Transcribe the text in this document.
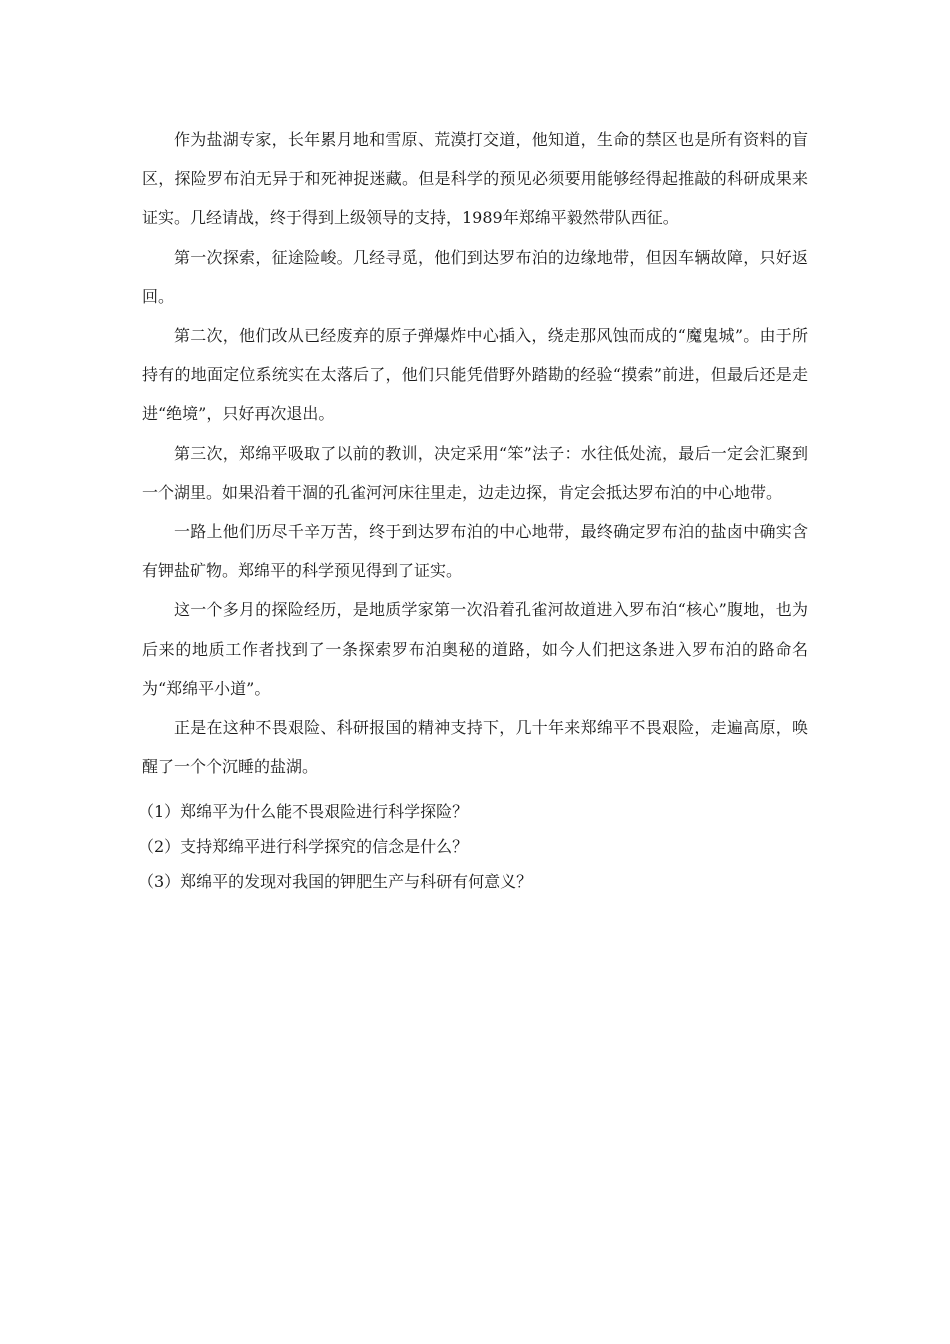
作为盐湖专家，长年累月地和雪原、荒漠打交道，他知道，生命的禁区也是所有资料的盲区，探险罗布泊无异于和死神捉迷藏。但是科学的预见必须要用能够经得起推敲的科研成果来证实。几经请战，终于得到上级领导的支持，1989年郑绵平毅然带队西征。

第一次探索，征途险峻。几经寻觅，他们到达罗布泊的边缘地带，但因车辆故障，只好返回。

第二次，他们改从已经废弃的原子弹爆炸中心插入，绕走那风蚀而成的“魔鬼城”。由于所持有的地面定位系统实在太落后了，他们只能凭借野外踏勘的经验“摸索”前进，但最后还是走进“绝境”，只好再次退出。

第三次，郑绵平吸取了以前的教训，决定采用“笨”法子：水往低处流，最后一定会汇聚到一个湖里。如果沿着干涸的孔雀河河床往里走，边走边探，肯定会抵达罗布泊的中心地带。

一路上他们历尽千辛万苦，终于到达罗布泊的中心地带，最终确定罗布泊的盐卤中确实含有钾盐矿物。郑绵平的科学预见得到了证实。

这一个多月的探险经历，是地质学家第一次沿着孔雀河故道进入罗布泊“核心”腹地，也为后来的地质工作者找到了一条探索罗布泊奥秘的道路，如今人们把这条进入罗布泊的路命名为“郑绵平小道”。

正是在这种不畏艰险、科研报国的精神支持下，几十年来郑绵平不畏艰险，走遍高原，唤醒了一个个沉睡的盐湖。

（1）郑绵平为什么能不畏艰险进行科学探险？

（2）支持郑绵平进行科学探究的信念是什么？

（3）郑绵平的发现对我国的钾肥生产与科研有何意义？
